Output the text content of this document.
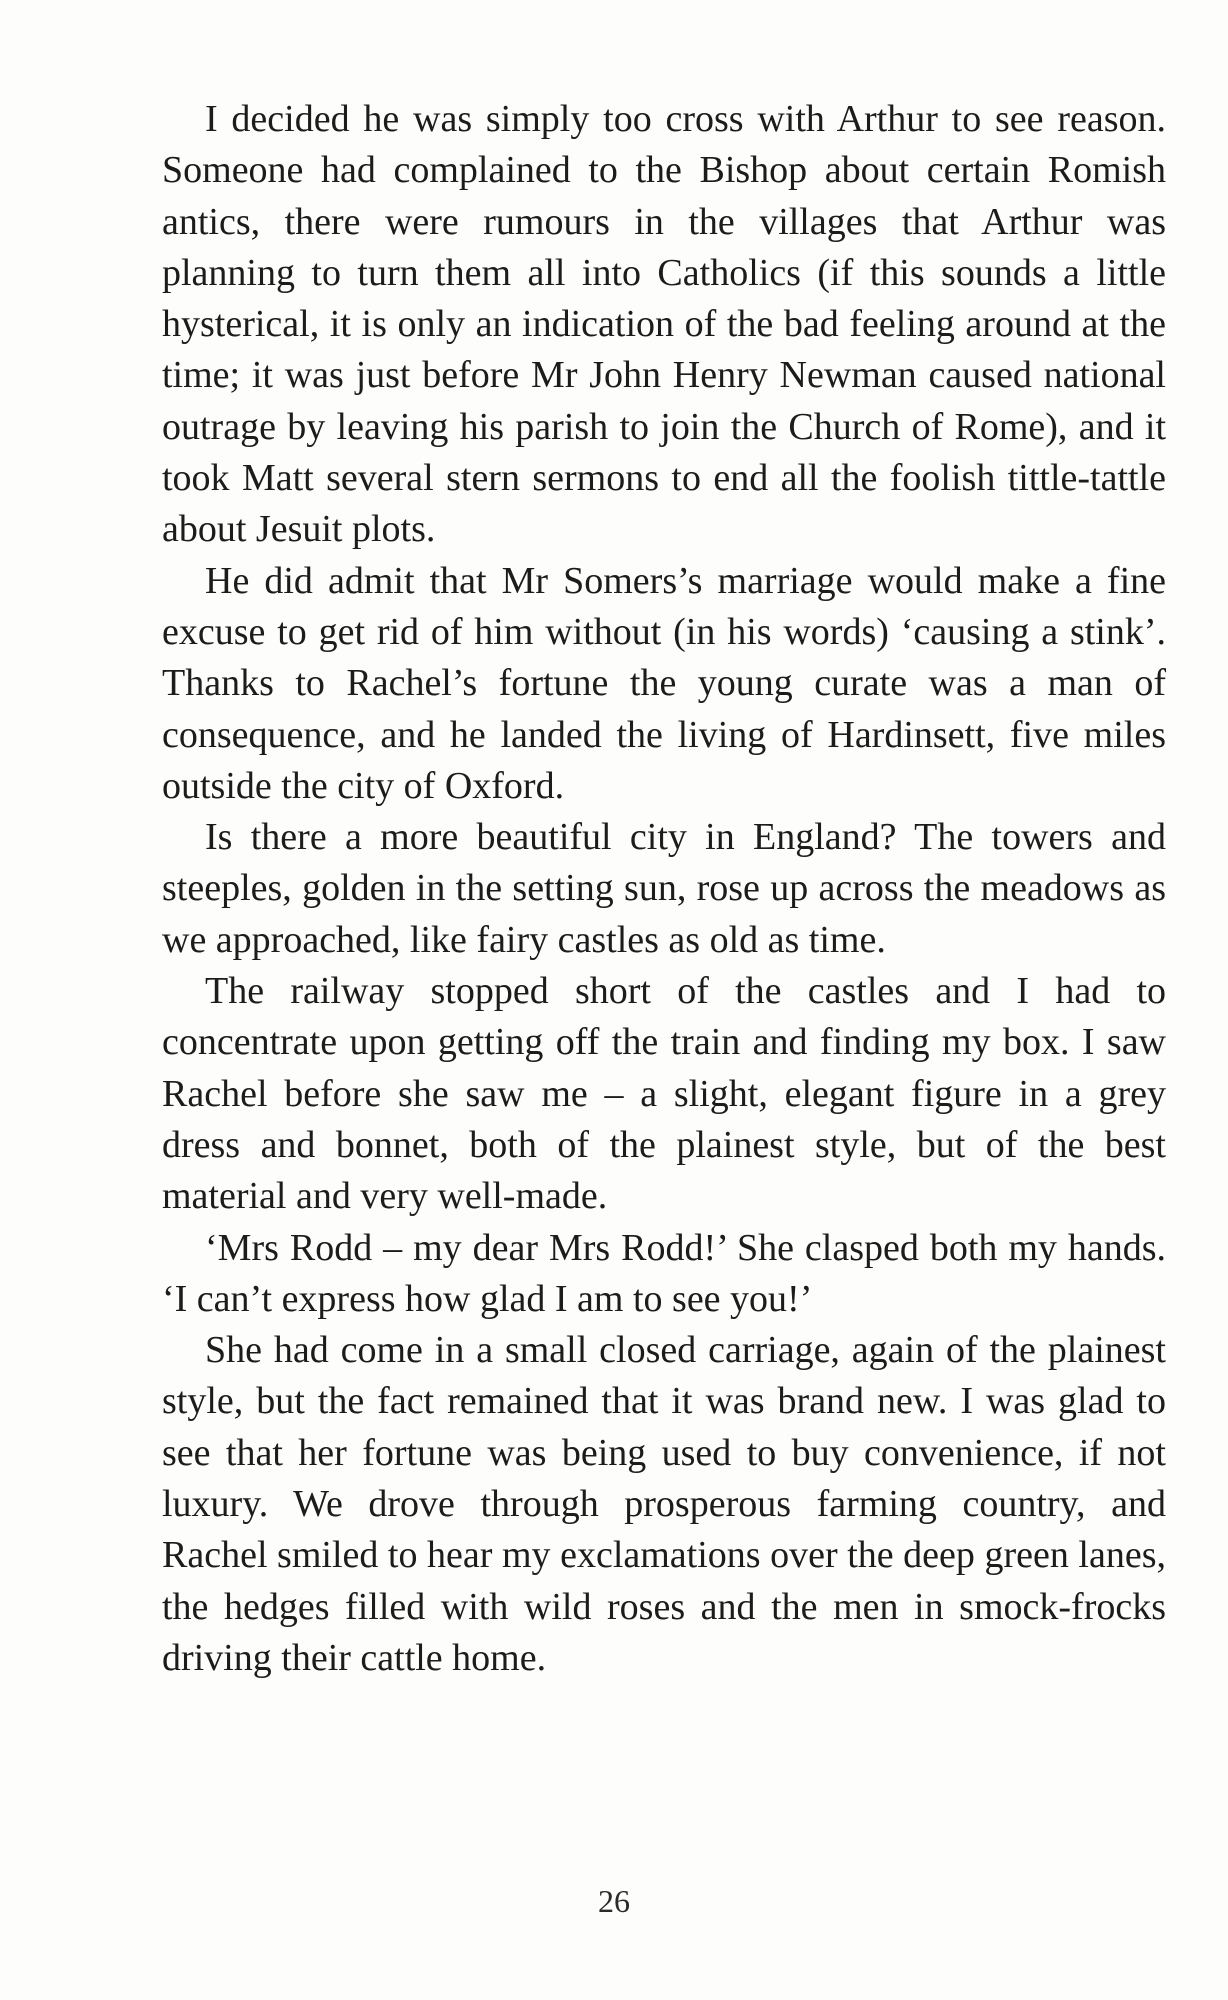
I decided he was simply too cross with Arthur to see reason. Someone had complained to the Bishop about certain Romish antics, there were rumours in the villages that Arthur was planning to turn them all into Catholics (if this sounds a little hysterical, it is only an indication of the bad feeling around at the time; it was just before Mr John Henry Newman caused national outrage by leaving his parish to join the Church of Rome), and it took Matt several stern sermons to end all the foolish tittle-tattle about Jesuit plots.

He did admit that Mr Somers’s marriage would make a fine excuse to get rid of him without (in his words) ‘causing a stink’. Thanks to Rachel’s fortune the young curate was a man of consequence, and he landed the living of Hardinsett, five miles outside the city of Oxford.

Is there a more beautiful city in England? The towers and steeples, golden in the setting sun, rose up across the meadows as we approached, like fairy castles as old as time.

The railway stopped short of the castles and I had to concentrate upon getting off the train and finding my box. I saw Rachel before she saw me – a slight, elegant figure in a grey dress and bonnet, both of the plainest style, but of the best material and very well-made.

‘Mrs Rodd – my dear Mrs Rodd!’ She clasped both my hands. ‘I can’t express how glad I am to see you!’

She had come in a small closed carriage, again of the plainest style, but the fact remained that it was brand new. I was glad to see that her fortune was being used to buy convenience, if not luxury. We drove through prosperous farming country, and Rachel smiled to hear my exclamations over the deep green lanes, the hedges filled with wild roses and the men in smock-frocks driving their cattle home.

26
